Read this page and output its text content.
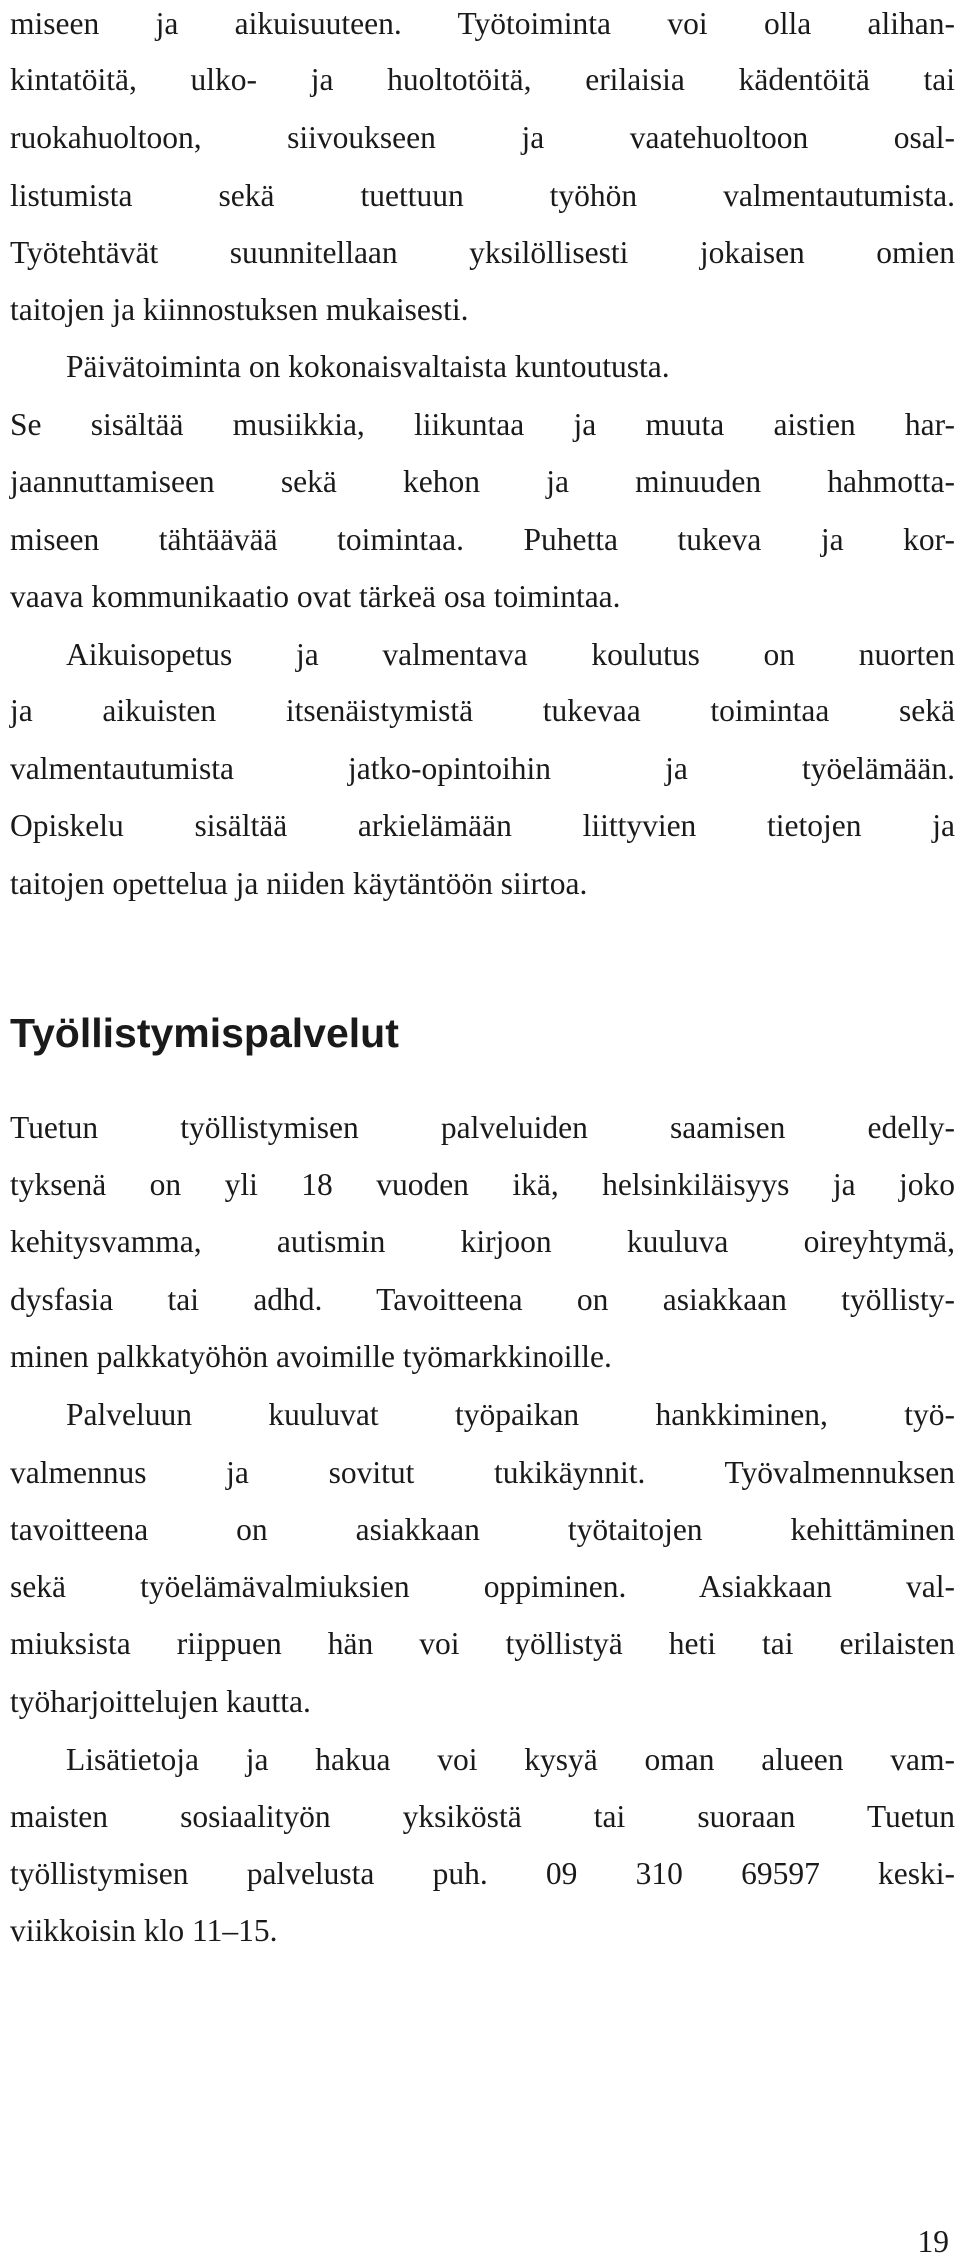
miseen ja aikuisuuteen. Työtoiminta voi olla alihan-
kintatöitä, ulko- ja huoltotöitä, erilaisia kädentöitä tai
ruokahuoltoon, siivoukseen ja vaatehuoltoon osal-
listumista sekä tuettuun työhön valmentautumista.
Työtehtävät suunnitellaan yksilöllisesti jokaisen omien
taitojen ja kiinnostuksen mukaisesti.
Päivätoiminta on kokonaisvaltaista kuntoutusta.
Se sisältää musiikkia, liikuntaa ja muuta aistien har-
jaannuttamiseen sekä kehon ja minuuden hahmotta-
miseen tähtäävää toimintaa. Puhetta tukeva ja kor-
vaava kommunikaatio ovat tärkeä osa toimintaa.
Aikuisopetus ja valmentava koulutus on nuorten
ja aikuisten itsenäistymistä tukevaa toimintaa sekä
valmentautumista jatko-opintoihin ja työelämään.
Opiskelu sisältää arkielämään liittyvien tietojen ja
taitojen opettelua ja niiden käytäntöön siirtoa.
Työllistymispalvelut
Tuetun työllistymisen palveluiden saamisen edelly-
tyksenä on yli 18 vuoden ikä, helsinkiläisyys ja joko
kehitysvamma, autismin kirjoon kuuluva oireyhtymä,
dysfasia tai adhd. Tavoitteena on asiakkaan työllisty-
minen palkkatyöhön avoimille työmarkkinoille.
Palveluun kuuluvat työpaikan hankkiminen, työ-
valmennus ja sovitut tukikäynnit. Työvalmennuksen
tavoitteena on asiakkaan työtaitojen kehittäminen
sekä työelämävalmiuksien oppiminen. Asiakkaan val-
miuksista riippuen hän voi työllistyä heti tai erilaisten
työharjoittelujen kautta.
Lisätietoja ja hakua voi kysyä oman alueen vam-
maisten sosiaalityön yksiköstä tai suoraan Tuetun
työllistymisen palvelusta puh. 09 310 69597 keski-
viikkoisin klo 11–15.
19
